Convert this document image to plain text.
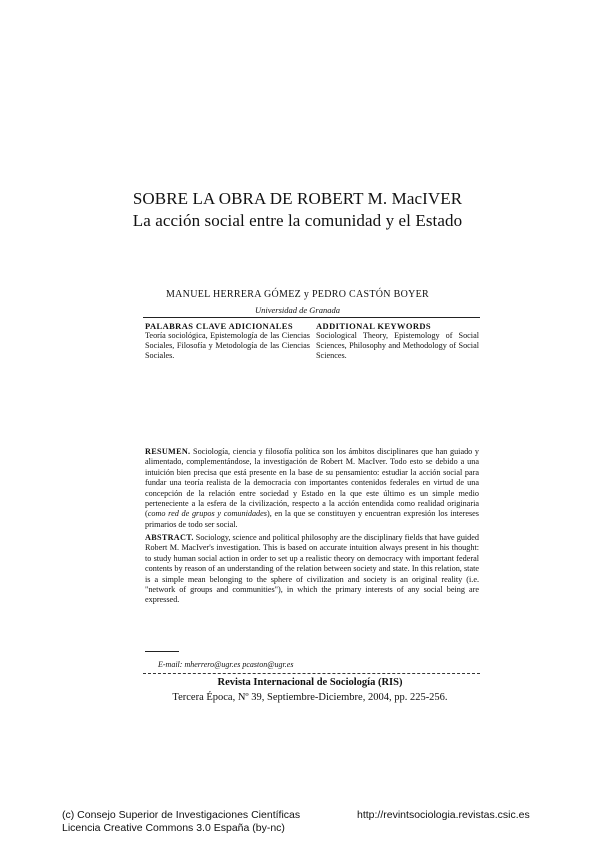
SOBRE LA OBRA DE ROBERT M. MacIVER
La acción social entre la comunidad y el Estado
MANUEL HERRERA GÓMEZ y PEDRO CASTÓN BOYER
Universidad de Granada
PALABRAS CLAVE ADICIONALES
Teoría sociológica, Epistemología de las Ciencias Sociales, Filosofía y Metodología de las Ciencias Sociales.
ADDITIONAL KEYWORDS
Sociological Theory, Epistemology of Social Sciences, Philosophy and Methodology of Social Sciences.
RESUMEN. Sociología, ciencia y filosofía política son los ámbitos disciplinares que han guiado y alimentado, complementándose, la investigación de Robert M. MacIver. Todo esto se debido a una intuición bien precisa que está presente en la base de su pensamiento: estudiar la acción social para fundar una teoría realista de la democracia con importantes contenidos federales en virtud de una concepción de la relación entre sociedad y Estado en la que este último es un simple medio perteneciente a la esfera de la civilización, respecto a la acción entendida como realidad originaria (como red de grupos y comunidades), en la que se constituyen y encuentran expresión los intereses primarios de todo ser social.
ABSTRACT. Sociology, science and political philosophy are the disciplinary fields that have guided Robert M. MacIver's investigation. This is based on accurate intuition always present in his thought: to study human social action in order to set up a realistic theory on democracy with important federal contents by reason of an understanding of the relation between society and state. In this relation, state is a simple mean belonging to the sphere of civilization and society is an original reality (i.e. "network of groups and communities"), in which the primary interests of any social being are expressed.
E-mail: mherrero@ugr.es pcaston@ugr.es
Revista Internacional de Sociología (RIS)
Tercera Época, Nº 39, Septiembre-Diciembre, 2004, pp. 225-256.
(c) Consejo Superior de Investigaciones Científicas
Licencia Creative Commons 3.0 España (by-nc)
http://revintsociologia.revistas.csic.es
